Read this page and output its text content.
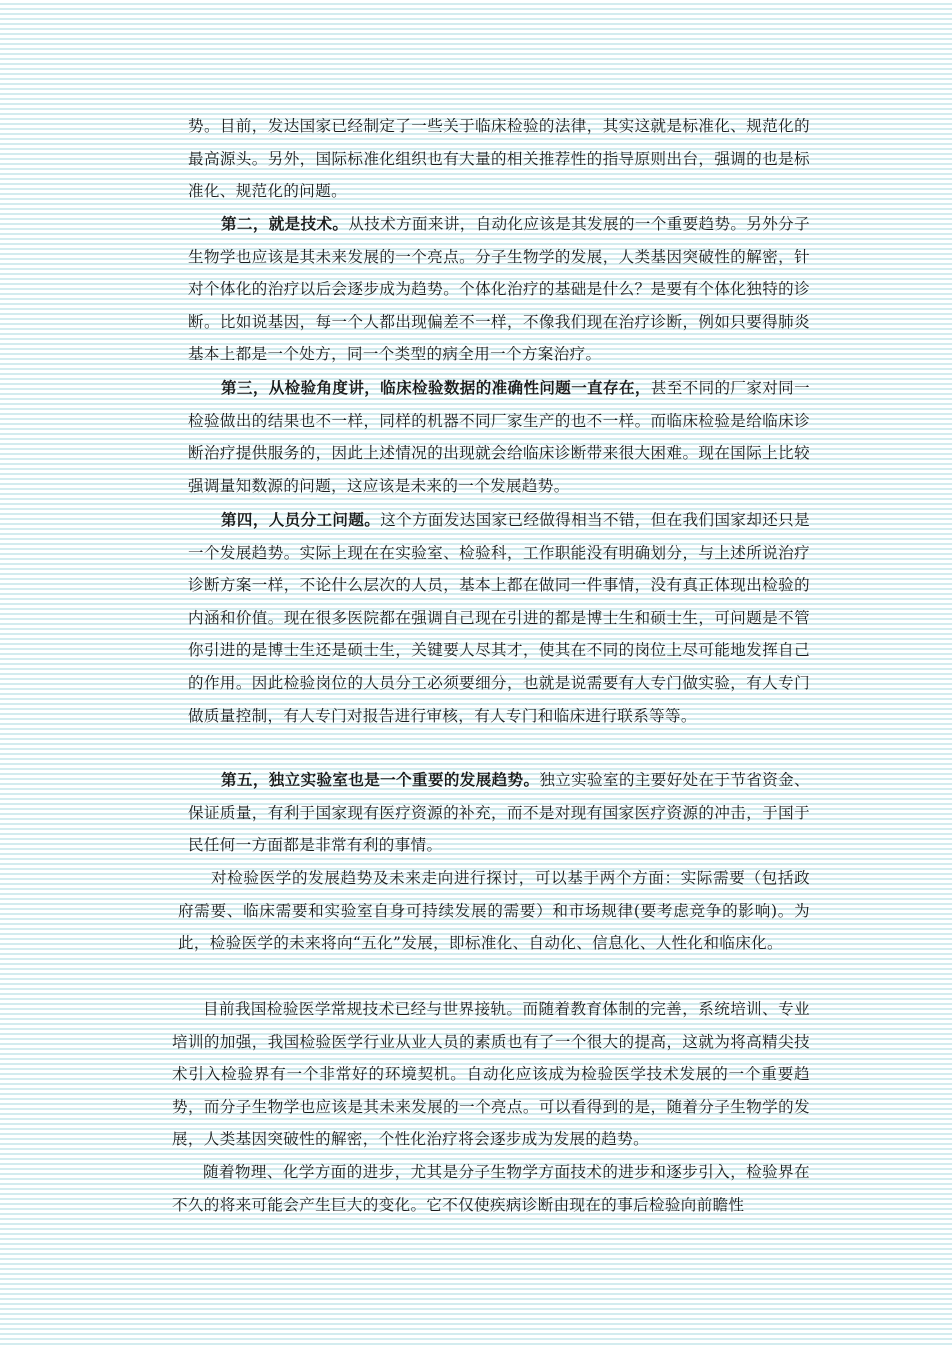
势。目前，发达国家已经制定了一些关于临床检验的法律，其实这就是标准化、规范化的最高源头。另外，国际标准化组织也有大量的相关推荐性的指导原则出台，强调的也是标准化、规范化的问题。

第二，就是技术。从技术方面来讲，自动化应该是其发展的一个重要趋势。另外分子生物学也应该是其未来发展的一个亮点。分子生物学的发展，人类基因突破性的解密，针对个体化的治疗以后会逐步成为趋势。个体化治疗的基础是什么？是要有个体化独特的诊断。比如说基因，每一个人都出现偏差不一样，不像我们现在治疗诊断，例如只要得肺炎基本上都是一个处方，同一个类型的病全用一个方案治疗。

第三，从检验角度讲，临床检验数据的准确性问题一直存在，甚至不同的厂家对同一检验做出的结果也不一样，同样的机器不同厂家生产的也不一样。而临床检验是给临床诊断治疗提供服务的，因此上述情况的出现就会给临床诊断带来很大困难。现在国际上比较强调量知数源的问题，这应该是未来的一个发展趋势。

第四，人员分工问题。这个方面发达国家已经做得相当不错，但在我们国家却还只是一个发展趋势。实际上现在在实验室、检验科，工作职能没有明确划分，与上述所说治疗诊断方案一样，不论什么层次的人员，基本上都在做同一件事情，没有真正体现出检验的内涵和价值。现在很多医院都在强调自己现在引进的都是博士生和硕士生，可问题是不管你引进的是博士生还是硕士生，关键要人尽其才，使其在不同的岗位上尽可能地发挥自己的作用。因此检验岗位的人员分工必须要细分，也就是说需要有人专门做实验，有人专门做质量控制，有人专门对报告进行审核，有人专门和临床进行联系等等。

第五，独立实验室也是一个重要的发展趋势。独立实验室的主要好处在于节省资金、保证质量，有利于国家现有医疗资源的补充，而不是对现有国家医疗资源的冲击，于国于民任何一方面都是非常有利的事情。

对检验医学的发展趋势及未来走向进行探讨，可以基于两个方面：实际需要（包括政府需要、临床需要和实验室自身可持续发展的需要）和市场规律(要考虑竞争的影响)。为此，检验医学的未来将向“五化”发展，即标准化、自动化、信息化、人性化和临床化。

目前我国检验医学常规技术已经与世界接轨。而随着教育体制的完善，系统培训、专业培训的加强，我国检验医学行业从业人员的素质也有了一个很大的提高，这就为将高精尖技术引入检验界有一个非常好的环境契机。自动化应该成为检验医学技术发展的一个重要趋势，而分子生物学也应该是其未来发展的一个亮点。可以看得到的是，随着分子生物学的发展，人类基因突破性的解密，个性化治疗将会逐步成为发展的趋势。

随着物理、化学方面的进步，尤其是分子生物学方面技术的进步和逐步引入，检验界在不久的将来可能会产生巨大的变化。它不仅使疾病诊断由现在的事后检验向前瞻性
